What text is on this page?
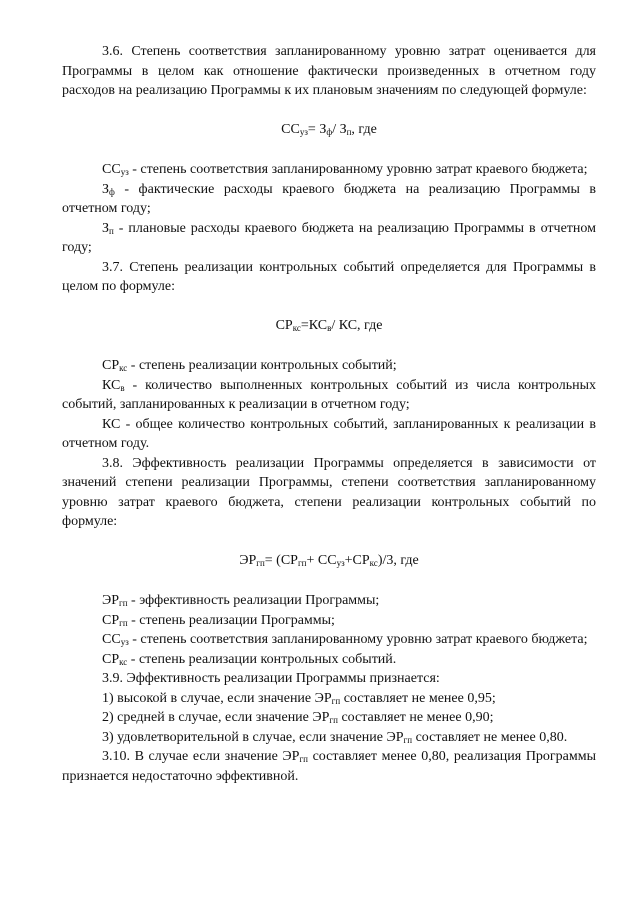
3.6. Степень соответствия запланированному уровню затрат оценивается для Программы в целом как отношение фактически произведенных в отчетном году расходов на реализацию Программы к их плановым значениям по следующей формуле:

$СС_{уз}= З_ф/$ $З_п$, где

$СС_{уз}$ - степень соответствия запланированному уровню затрат краевого бюджета;

$З_ф$ - фактические расходы краевого бюджета на реализацию Программы в отчетном году;

$З_п$ - плановые расходы краевого бюджета на реализацию Программы в отчетном году;

3.7. Степень реализации контрольных событий определяется для Программы в целом по формуле:

$СР_{кс}=КС_в/$ КС, где

$СР_{кс}$ - степень реализации контрольных событий;

$КС_в$ - количество выполненных контрольных событий из числа контрольных событий, запланированных к реализации в отчетном году;

КС - общее количество контрольных событий, запланированных к реализации в отчетном году.

3.8. Эффективность реализации Программы определяется в зависимости от значений степени реализации Программы, степени соответствия запланированному уровню затрат краевого бюджета, степени реализации контрольных событий по формуле:

$ЭР_{гп}= (СР_{гп}+ СС_{уз}+СР_{кс})/3$, где

$ЭР_{гп}$ - эффективность реализации Программы;

$СР_{гп}$ - степень реализации Программы;

$СС_{уз}$ - степень соответствия запланированному уровню затрат краевого бюджета;

$СР_{кс}$ - степень реализации контрольных событий.

3.9. Эффективность реализации Программы признается:

1) высокой в случае, если значение $ЭР_{гп}$ составляет не менее 0,95;

2) средней в случае, если значение $ЭР_{гп}$ составляет не менее 0,90;

3) удовлетворительной в случае, если значение $ЭР_{гп}$ составляет не менее 0,80.

3.10. В случае если значение $ЭР_{гп}$ составляет менее 0,80, реализация Программы признается недостаточно эффективной.
